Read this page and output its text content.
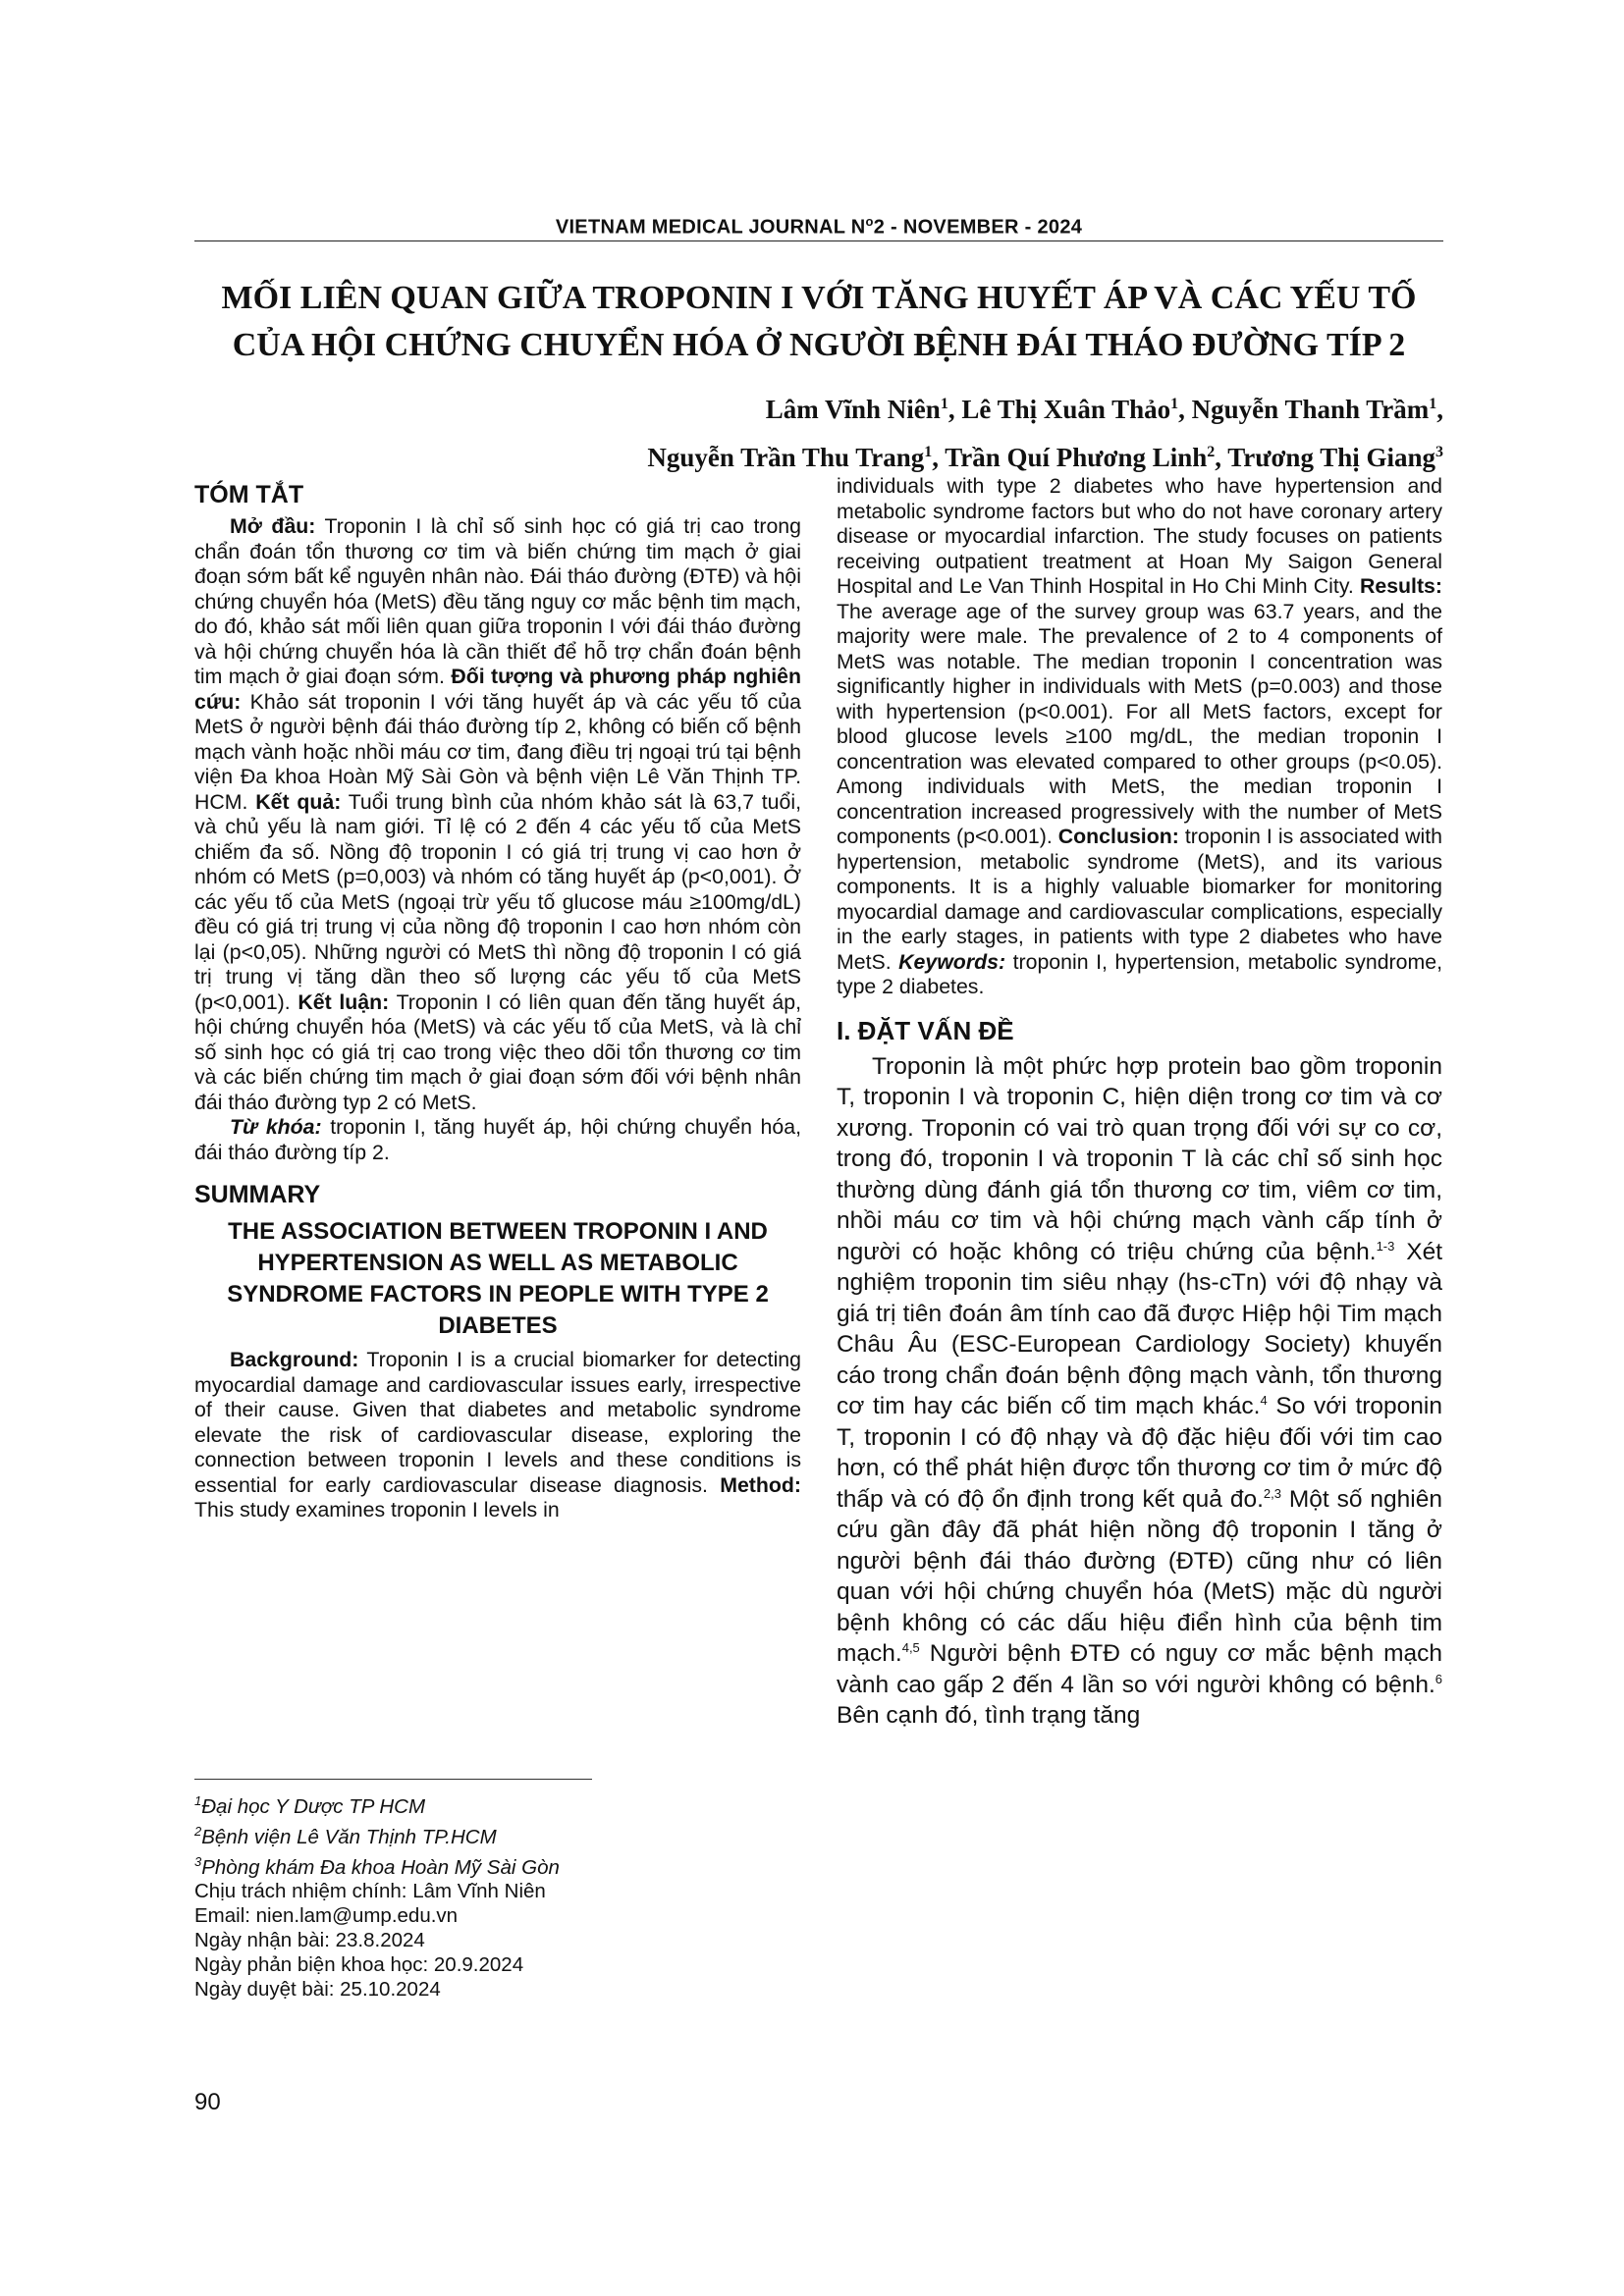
VIETNAM MEDICAL JOURNAL $N^o2$ - NOVEMBER - 2024
MỐI LIÊN QUAN GIỮA TROPONIN I VỚI TĂNG HUYẾT ÁP VÀ CÁC YẾU TỐ
CỦA HỘI CHỨNG CHUYỂN HÓA Ở NGƯỜI BỆNH ĐÁI THÁO ĐƯỜNG TÍP 2
Lâm Vĩnh Niên$^1$, Lê Thị Xuân Thảo$^1$, Nguyễn Thanh Trầm$^1$,
Nguyễn Trần Thu Trang$^1$, Trần Quí Phương Linh$^2$, Trương Thị Giang$^3$
TÓM TẮT

Mở đầu: Troponin I là chỉ số sinh học có giá trị cao trong chẩn đoán tổn thương cơ tim và biến chứng tim mạch ở giai đoạn sớm bất kể nguyên nhân nào. Đái tháo đường (ĐTĐ) và hội chứng chuyển hóa (MetS) đều tăng nguy cơ mắc bệnh tim mạch, do đó, khảo sát mối liên quan giữa troponin I với đái tháo đường và hội chứng chuyển hóa là cần thiết để hỗ trợ chẩn đoán bệnh tim mạch ở giai đoạn sớm. Đối tượng và phương pháp nghiên cứu: Khảo sát troponin I với tăng huyết áp và các yếu tố của MetS ở người bệnh đái tháo đường típ 2, không có biến cố bệnh mạch vành hoặc nhồi máu cơ tim, đang điều trị ngoại trú tại bệnh viện Đa khoa Hoàn Mỹ Sài Gòn và bệnh viện Lê Văn Thịnh TP. HCM. Kết quả: Tuổi trung bình của nhóm khảo sát là 63,7 tuổi, và chủ yếu là nam giới. Tỉ lệ có 2 đến 4 các yếu tố của MetS chiếm đa số. Nồng độ troponin I có giá trị trung vị cao hơn ở nhóm có MetS (p=0,003) và nhóm có tăng huyết áp (p<0,001). Ở các yếu tố của MetS (ngoại trừ yếu tố glucose máu ≥100mg/dL) đều có giá trị trung vị của nồng độ troponin I cao hơn nhóm còn lại (p<0,05). Những người có MetS thì nồng độ troponin I có giá trị trung vị tăng dần theo số lượng các yếu tố của MetS (p<0,001). Kết luận: Troponin I có liên quan đến tăng huyết áp, hội chứng chuyển hóa (MetS) và các yếu tố của MetS, và là chỉ số sinh học có giá trị cao trong việc theo dõi tổn thương cơ tim và các biến chứng tim mạch ở giai đoạn sớm đối với bệnh nhân đái tháo đường typ 2 có MetS.

Từ khóa: troponin I, tăng huyết áp, hội chứng chuyển hóa, đái tháo đường típ 2.

SUMMARY
THE ASSOCIATION BETWEEN TROPONIN I AND HYPERTENSION AS WELL AS METABOLIC SYNDROME FACTORS IN PEOPLE WITH TYPE 2 DIABETES

Background: Troponin I is a crucial biomarker for detecting myocardial damage and cardiovascular issues early, irrespective of their cause. Given that diabetes and metabolic syndrome elevate the risk of cardiovascular disease, exploring the connection between troponin I levels and these conditions is essential for early cardiovascular disease diagnosis. Method: This study examines troponin I levels in

$^1$Đại học Y Dược TP HCM
$^2$Bệnh viện Lê Văn Thịnh TP.HCM
$^3$Phòng khám Đa khoa Hoàn Mỹ Sài Gòn
Chịu trách nhiệm chính: Lâm Vĩnh Niên
Email: nien.lam@ump.edu.vn
Ngày nhận bài: 23.8.2024
Ngày phản biện khoa học: 20.9.2024
Ngày duyệt bài: 25.10.2024

individuals with type 2 diabetes who have hypertension and metabolic syndrome factors but who do not have coronary artery disease or myocardial infarction. The study focuses on patients receiving outpatient treatment at Hoan My Saigon General Hospital and Le Van Thinh Hospital in Ho Chi Minh City. Results: The average age of the survey group was 63.7 years, and the majority were male. The prevalence of 2 to 4 components of MetS was notable. The median troponin I concentration was significantly higher in individuals with MetS (p=0.003) and those with hypertension (p<0.001). For all MetS factors, except for blood glucose levels ≥100 mg/dL, the median troponin I concentration was elevated compared to other groups (p<0.05). Among individuals with MetS, the median troponin I concentration increased progressively with the number of MetS components (p<0.001). Conclusion: troponin I is associated with hypertension, metabolic syndrome (MetS), and its various components. It is a highly valuable biomarker for monitoring myocardial damage and cardiovascular complications, especially in the early stages, in patients with type 2 diabetes who have MetS. Keywords: troponin I, hypertension, metabolic syndrome, type 2 diabetes.

I. ĐẶT VẤN ĐỀ

Troponin là một phức hợp protein bao gồm troponin T, troponin I và troponin C, hiện diện trong cơ tim và cơ xương. Troponin có vai trò quan trọng đối với sự co cơ, trong đó, troponin I và troponin T là các chỉ số sinh học thường dùng đánh giá tổn thương cơ tim, viêm cơ tim, nhồi máu cơ tim và hội chứng mạch vành cấp tính ở người có hoặc không có triệu chứng của bệnh.$^{1-3}$ Xét nghiệm troponin tim siêu nhạy (hs-cTn) với độ nhạy và giá trị tiên đoán âm tính cao đã được Hiệp hội Tim mạch Châu Âu (ESC-European Cardiology Society) khuyến cáo trong chẩn đoán bệnh động mạch vành, tổn thương cơ tim hay các biến cố tim mạch khác.$^4$ So với troponin T, troponin I có độ nhạy và độ đặc hiệu đối với tim cao hơn, có thể phát hiện được tổn thương cơ tim ở mức độ thấp và có độ ổn định trong kết quả đo.$^{2,3}$ Một số nghiên cứu gần đây đã phát hiện nồng độ troponin I tăng ở người bệnh đái tháo đường (ĐTĐ) cũng như có liên quan với hội chứng chuyển hóa (MetS) mặc dù người bệnh không có các dấu hiệu điển hình của bệnh tim mạch.$^{4,5}$ Người bệnh ĐTĐ có nguy cơ mắc bệnh mạch vành cao gấp 2 đến 4 lần so với người không có bệnh.$^6$ Bên cạnh đó, tình trạng tăng

90
